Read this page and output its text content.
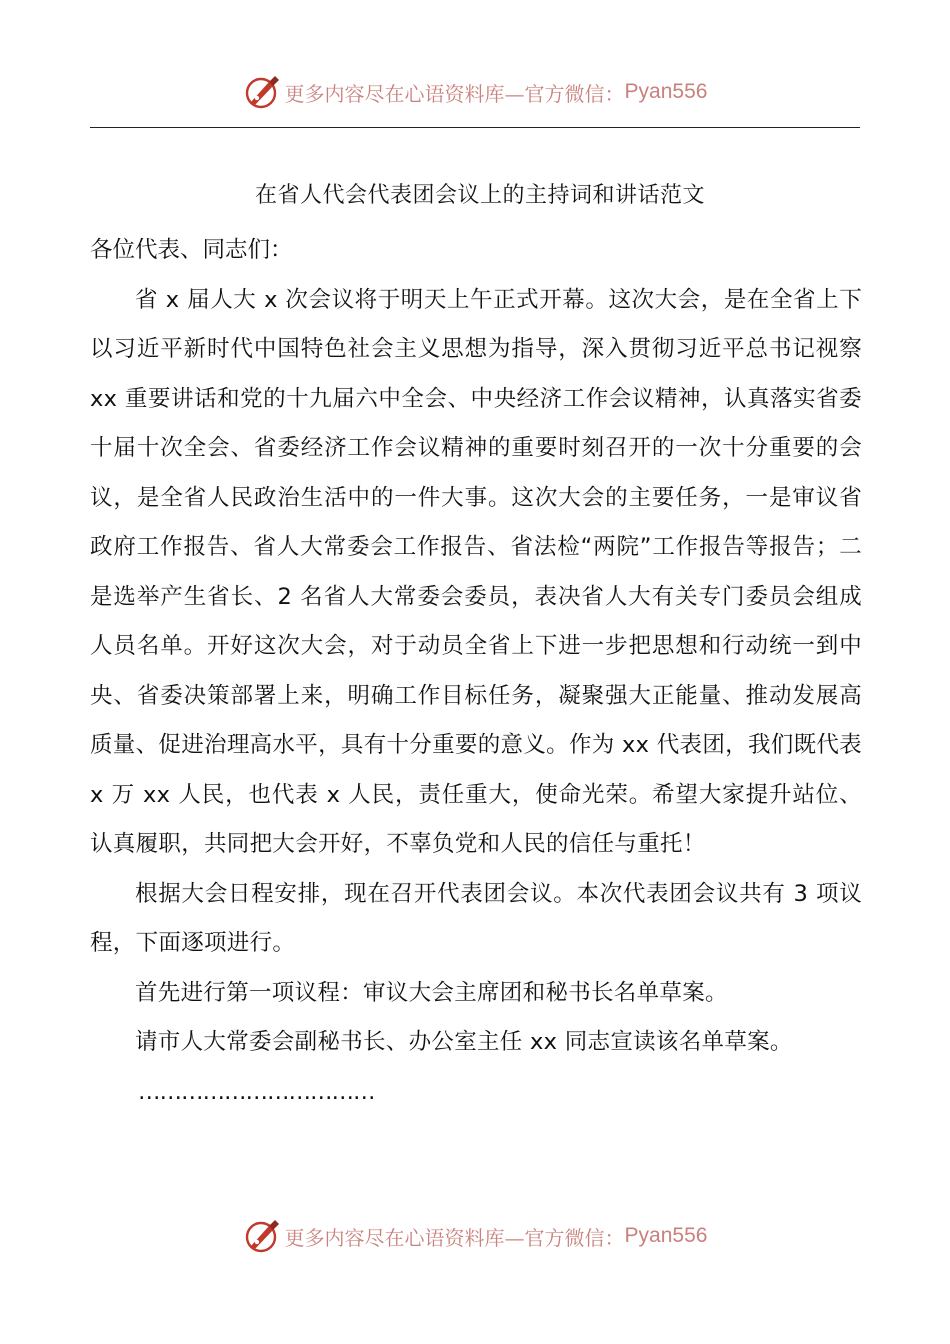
更多内容尽在心语资料库— 官方微信： Pyan556

在省人代会代表团会议上的主持词和讲话范文

各位代表、同志们：

省 x 届人大 x 次会议将于明天上午正式开幕。这次大会，是在全省上下以习近平新时代中国特色社会主义思想为指导，深入贯彻习近平总书记视察 xx 重要讲话和党的十九届六中全会、中央经济工作会议精神，认真落实省委十届十次全会、省委经济工作会议精神的重要时刻召开的一次十分重要的会议，是全省人民政治生活中的一件大事。这次大会的主要任务，一是审议省政府工作报告、省人大常委会工作报告、省法检“两院”工作报告等报告；二是选举产生省长、2 名省人大常委会委员，表决省人大有关专门委员会组成人员名单。开好这次大会，对于动员全省上下进一步把思想和行动统一到中央、省委决策部署上来，明确工作目标任务，凝聚强大正能量、推动发展高质量、促进治理高水平，具有十分重要的意义。作为 xx 代表团，我们既代表 x 万 xx 人民，也代表 x 人民，责任重大，使命光荣。希望大家提升站位、认真履职，共同把大会开好，不辜负党和人民的信任与重托！

根据大会日程安排，现在召开代表团会议。本次代表团会议共有 3 项议程，下面逐项进行。

首先进行第一项议程：审议大会主席团和秘书长名单草案。

请市人大常委会副秘书长、办公室主任 xx 同志宣读该名单草案。

……………………………

更多内容尽在心语资料库— 官方微信： Pyan556
